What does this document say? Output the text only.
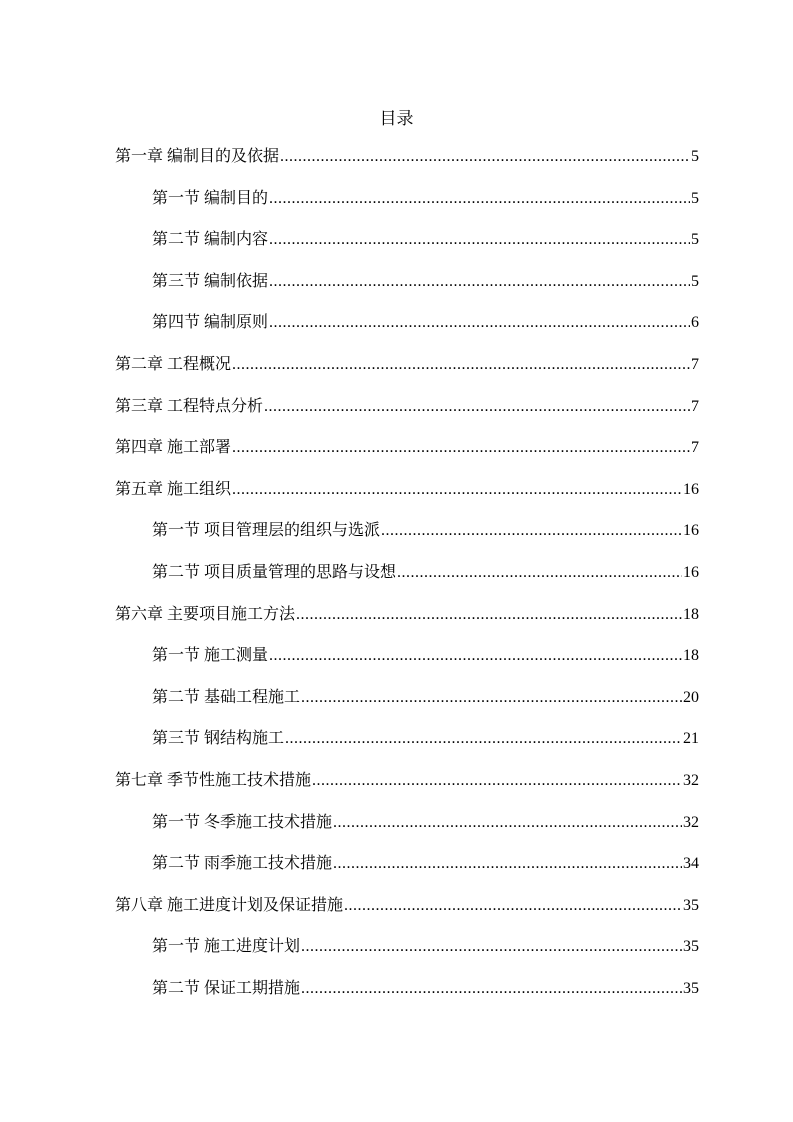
目录
第一章 编制目的及依据 .....	5
第一节 编制目的 .....	5
第二节 编制内容 .....	5
第三节 编制依据 .....	5
第四节 编制原则 .....	6
第二章 工程概况 .....	7
第三章 工程特点分析 .....	7
第四章 施工部署 .....	7
第五章 施工组织 .....	16
第一节 项目管理层的组织与选派 .....	16
第二节 项目质量管理的思路与设想 .....	16
第六章 主要项目施工方法 .....	18
第一节 施工测量 .....	18
第二节 基础工程施工 .....	20
第三节 钢结构施工 .....	21
第七章 季节性施工技术措施 .....	32
第一节 冬季施工技术措施 .....	32
第二节 雨季施工技术措施 .....	34
第八章 施工进度计划及保证措施 .....	35
第一节 施工进度计划 .....	35
第二节 保证工期措施 .....	35
